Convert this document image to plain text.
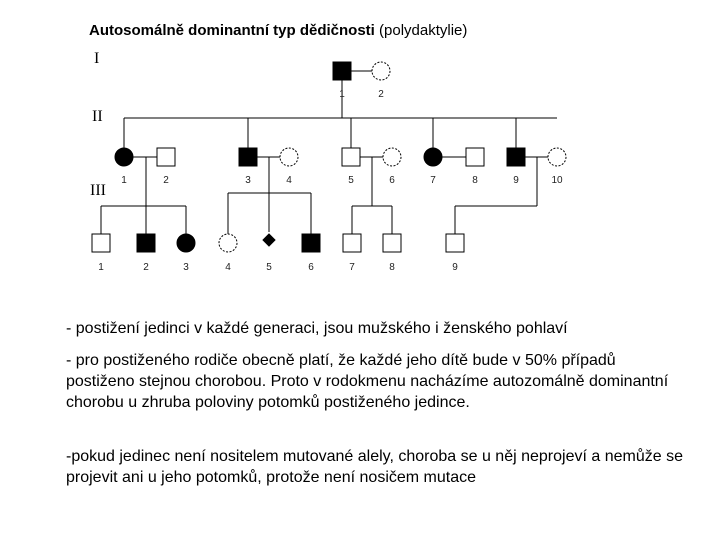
Autosomálně dominantní typ dědičnosti (polydaktylie)
I
II
III
1	2
1	2	3	4	5	6	7	8	9	10
1	2	3	4	5	6	7	8	9

- postižení jedinci v každé generaci, jsou mužského i ženského pohlaví

- pro postiženého rodiče obecně platí, že každé jeho dítě bude v 50% případů postiženo stejnou chorobou. Proto v rodokmenu nacházíme autozomálně dominantní chorobu u zhruba poloviny potomků postiženého jedince.

-pokud jedinec není nositelem mutované alely, choroba se u něj neprojeví a nemůže se projevit ani u jeho potomků, protože není nosičem mutace
